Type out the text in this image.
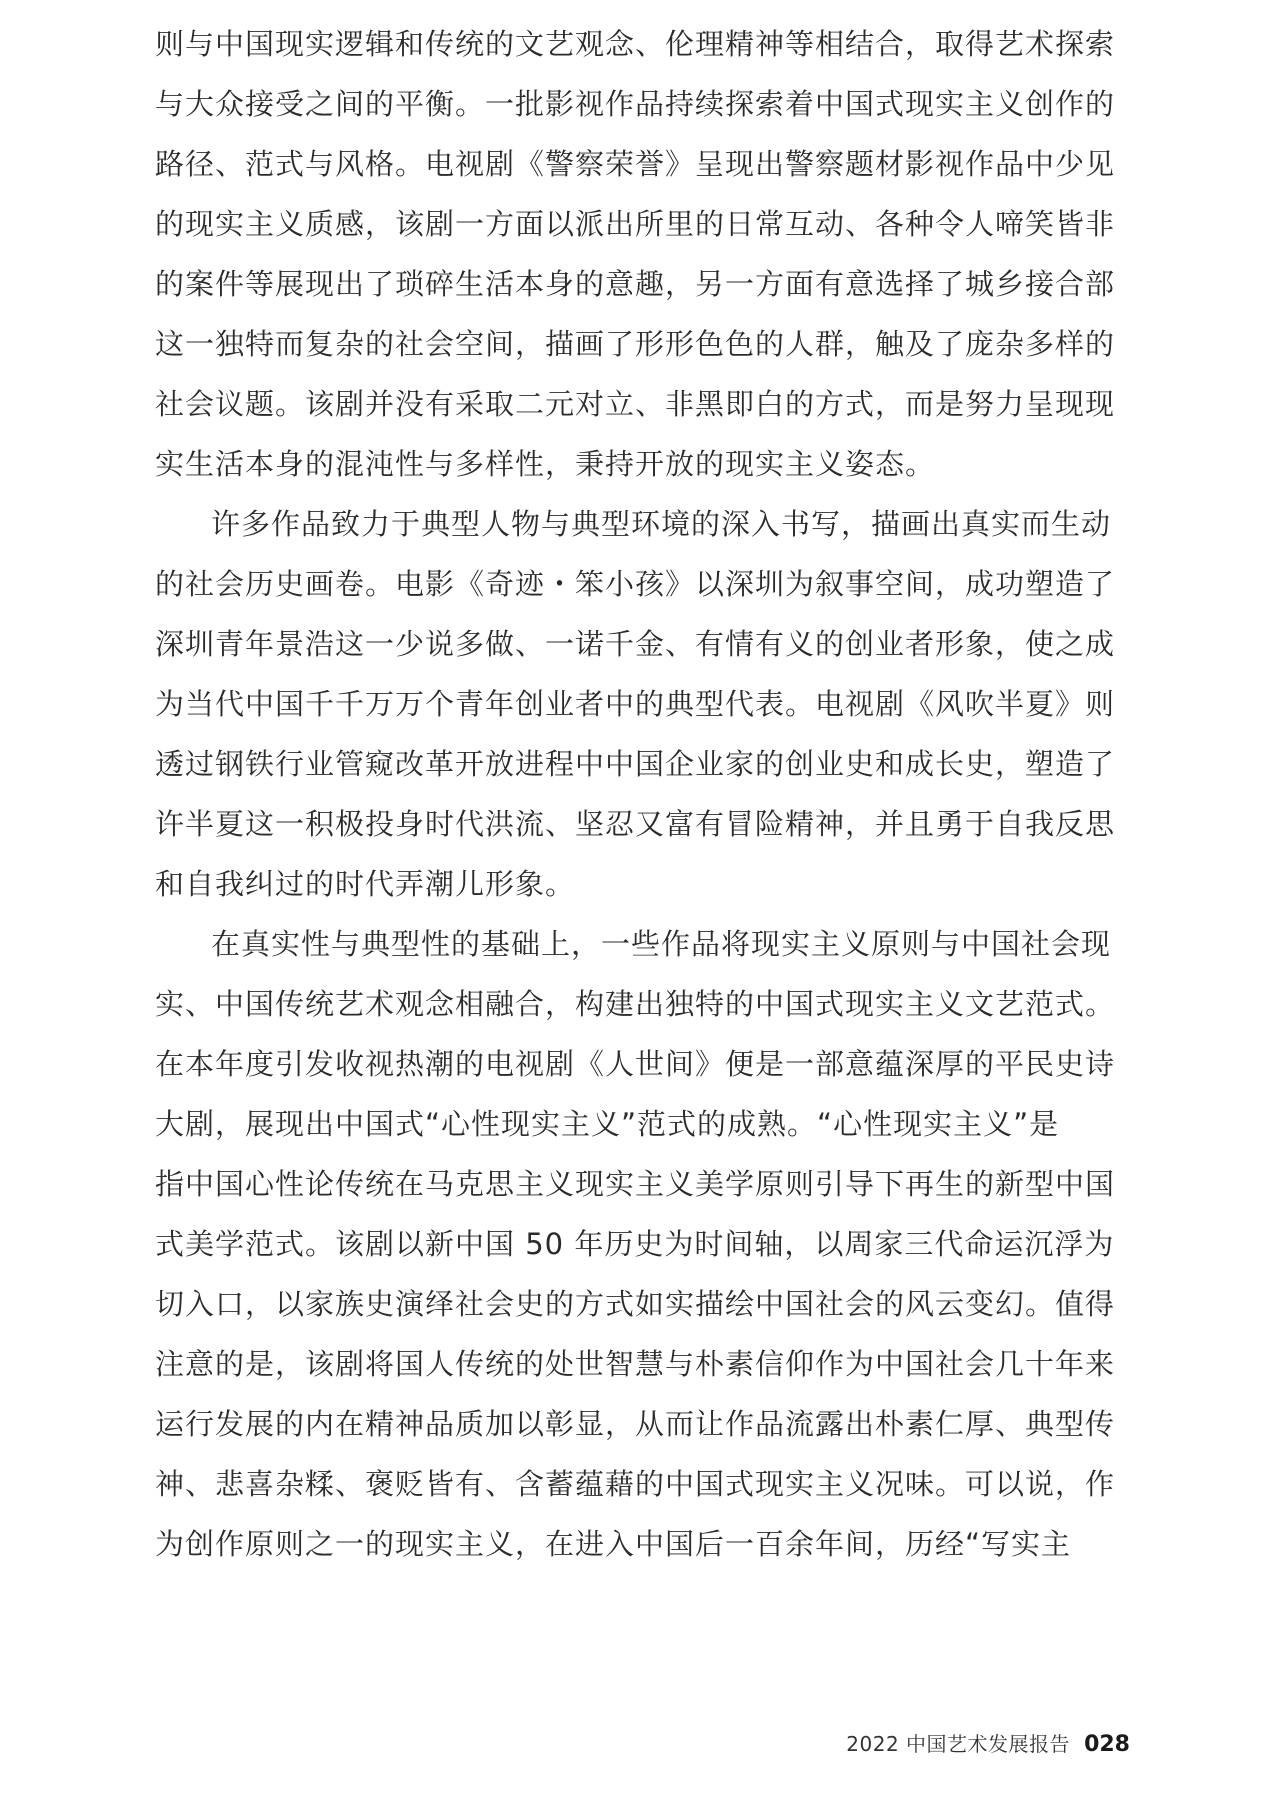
则与中国现实逻辑和传统的文艺观念、伦理精神等相结合，取得艺术探索
与大众接受之间的平衡。一批影视作品持续探索着中国式现实主义创作的
路径、范式与风格。电视剧《警察荣誉》呈现出警察题材影视作品中少见
的现实主义质感，该剧一方面以派出所里的日常互动、各种令人啼笑皆非
的案件等展现出了琐碎生活本身的意趣，另一方面有意选择了城乡接合部
这一独特而复杂的社会空间，描画了形形色色的人群，触及了庞杂多样的
社会议题。该剧并没有采取二元对立、非黑即白的方式，而是努力呈现现
实生活本身的混沌性与多样性，秉持开放的现实主义姿态。
许多作品致力于典型人物与典型环境的深入书写，描画出真实而生动
的社会历史画卷。电影《奇迹・笨小孩》以深圳为叙事空间，成功塑造了
深圳青年景浩这一少说多做、一诺千金、有情有义的创业者形象，使之成
为当代中国千千万万个青年创业者中的典型代表。电视剧《风吹半夏》则
透过钢铁行业管窥改革开放进程中中国企业家的创业史和成长史，塑造了
许半夏这一积极投身时代洪流、坚忍又富有冒险精神，并且勇于自我反思
和自我纠过的时代弄潮儿形象。
在真实性与典型性的基础上，一些作品将现实主义原则与中国社会现
实、中国传统艺术观念相融合，构建出独特的中国式现实主义文艺范式。
在本年度引发收视热潮的电视剧《人世间》便是一部意蕴深厚的平民史诗
大剧，展现出中国式“心性现实主义”范式的成熟。“心性现实主义”是
指中国心性论传统在马克思主义现实主义美学原则引导下再生的新型中国
式美学范式。该剧以新中国 50 年历史为时间轴，以周家三代命运沉浮为
切入口，以家族史演绎社会史的方式如实描绘中国社会的风云变幻。值得
注意的是，该剧将国人传统的处世智慧与朴素信仰作为中国社会几十年来
运行发展的内在精神品质加以彰显，从而让作品流露出朴素仁厚、典型传
神、悲喜杂糅、褒贬皆有、含蓄蕴藉的中国式现实主义况味。可以说，作
为创作原则之一的现实主义，在进入中国后一百余年间，历经“写实主
2022 中国艺术发展报告 028
